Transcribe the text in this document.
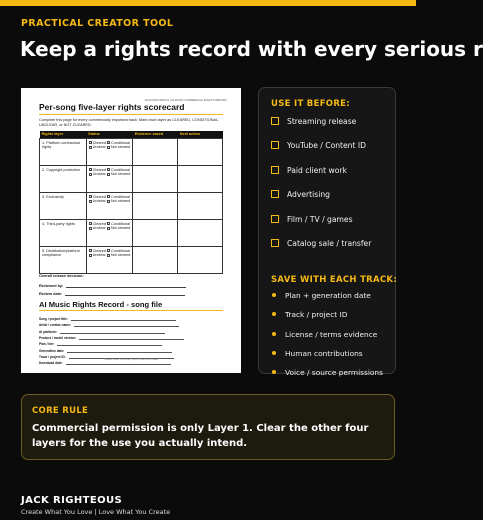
PRACTICAL CREATOR TOOL
Keep a rights record with every serious r
JACK RIGHTEOUS | AI MUSIC COMMERCIAL RIGHTS REPORT
Per-song five-layer rights scorecard
Complete this page for every commercially important track. Mark each layer as CLEARED, CONDITIONAL, UNCLEAR, or NOT CLEARED.
Rights layer	Status	Evidence saved	Next action
1. Platform contractual rights	Cleared Conditional
Unclear Not cleared		

2. Copyright protection	Cleared Conditional
Unclear Not cleared		

3. Exclusivity	Cleared Conditional
Unclear Not cleared		

4. Third-party rights	Cleared Conditional
Unclear Not cleared		

5. Distribution/platform compliance	Cleared Conditional
Unclear Not cleared		

Overall release decision:
Reviewed by:
Review date:
AI Music Rights Record - song file
Song / project title:
Artist / creator name:
AI platform:
Product / model version:
Plan / tier:
Generation date:
Track / project ID:
Download date:
Create What You Love | Love What You Create
USE IT BEFORE:
Streaming release
YouTube / Content ID
Paid client work
Advertising
Film / TV / games
Catalog sale / transfer
SAVE WITH EACH TRACK:
Plan + generation date
Track / project ID
License / terms evidence
Human contributions
Voice / source permissions
CORE RULE
Commercial permission is only Layer 1. Clear the other four layers for the use you actually intend.
JACK RIGHTEOUS
Create What You Love | Love What You Create
